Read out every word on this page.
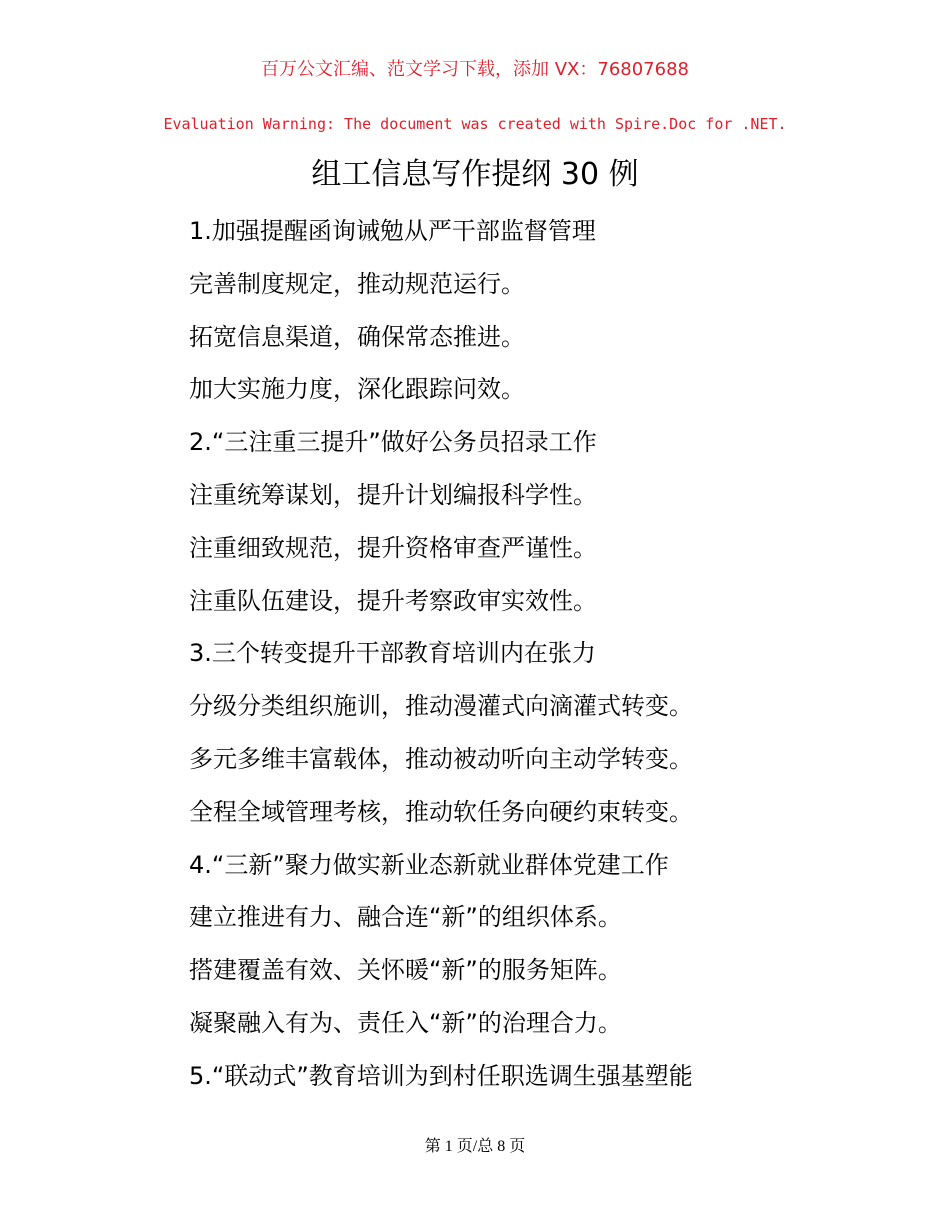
百万公文汇编、范文学习下载，添加 VX：76807688
Evaluation Warning: The document was created with Spire.Doc for .NET.
组工信息写作提纲 30 例
1.加强提醒函询诫勉从严干部监督管理
完善制度规定，推动规范运行。
拓宽信息渠道，确保常态推进。
加大实施力度，深化跟踪问效。
2.“三注重三提升”做好公务员招录工作
注重统筹谋划，提升计划编报科学性。
注重细致规范，提升资格审查严谨性。
注重队伍建设，提升考察政审实效性。
3.三个转变提升干部教育培训内在张力
分级分类组织施训，推动漫灌式向滴灌式转变。
多元多维丰富载体，推动被动听向主动学转变。
全程全域管理考核，推动软任务向硬约束转变。
4.“三新”聚力做实新业态新就业群体党建工作
建立推进有力、融合连“新”的组织体系。
搭建覆盖有效、关怀暖“新”的服务矩阵。
凝聚融入有为、责任入“新”的治理合力。
5.“联动式”教育培训为到村任职选调生强基塑能
第 1 页/总 8 页
